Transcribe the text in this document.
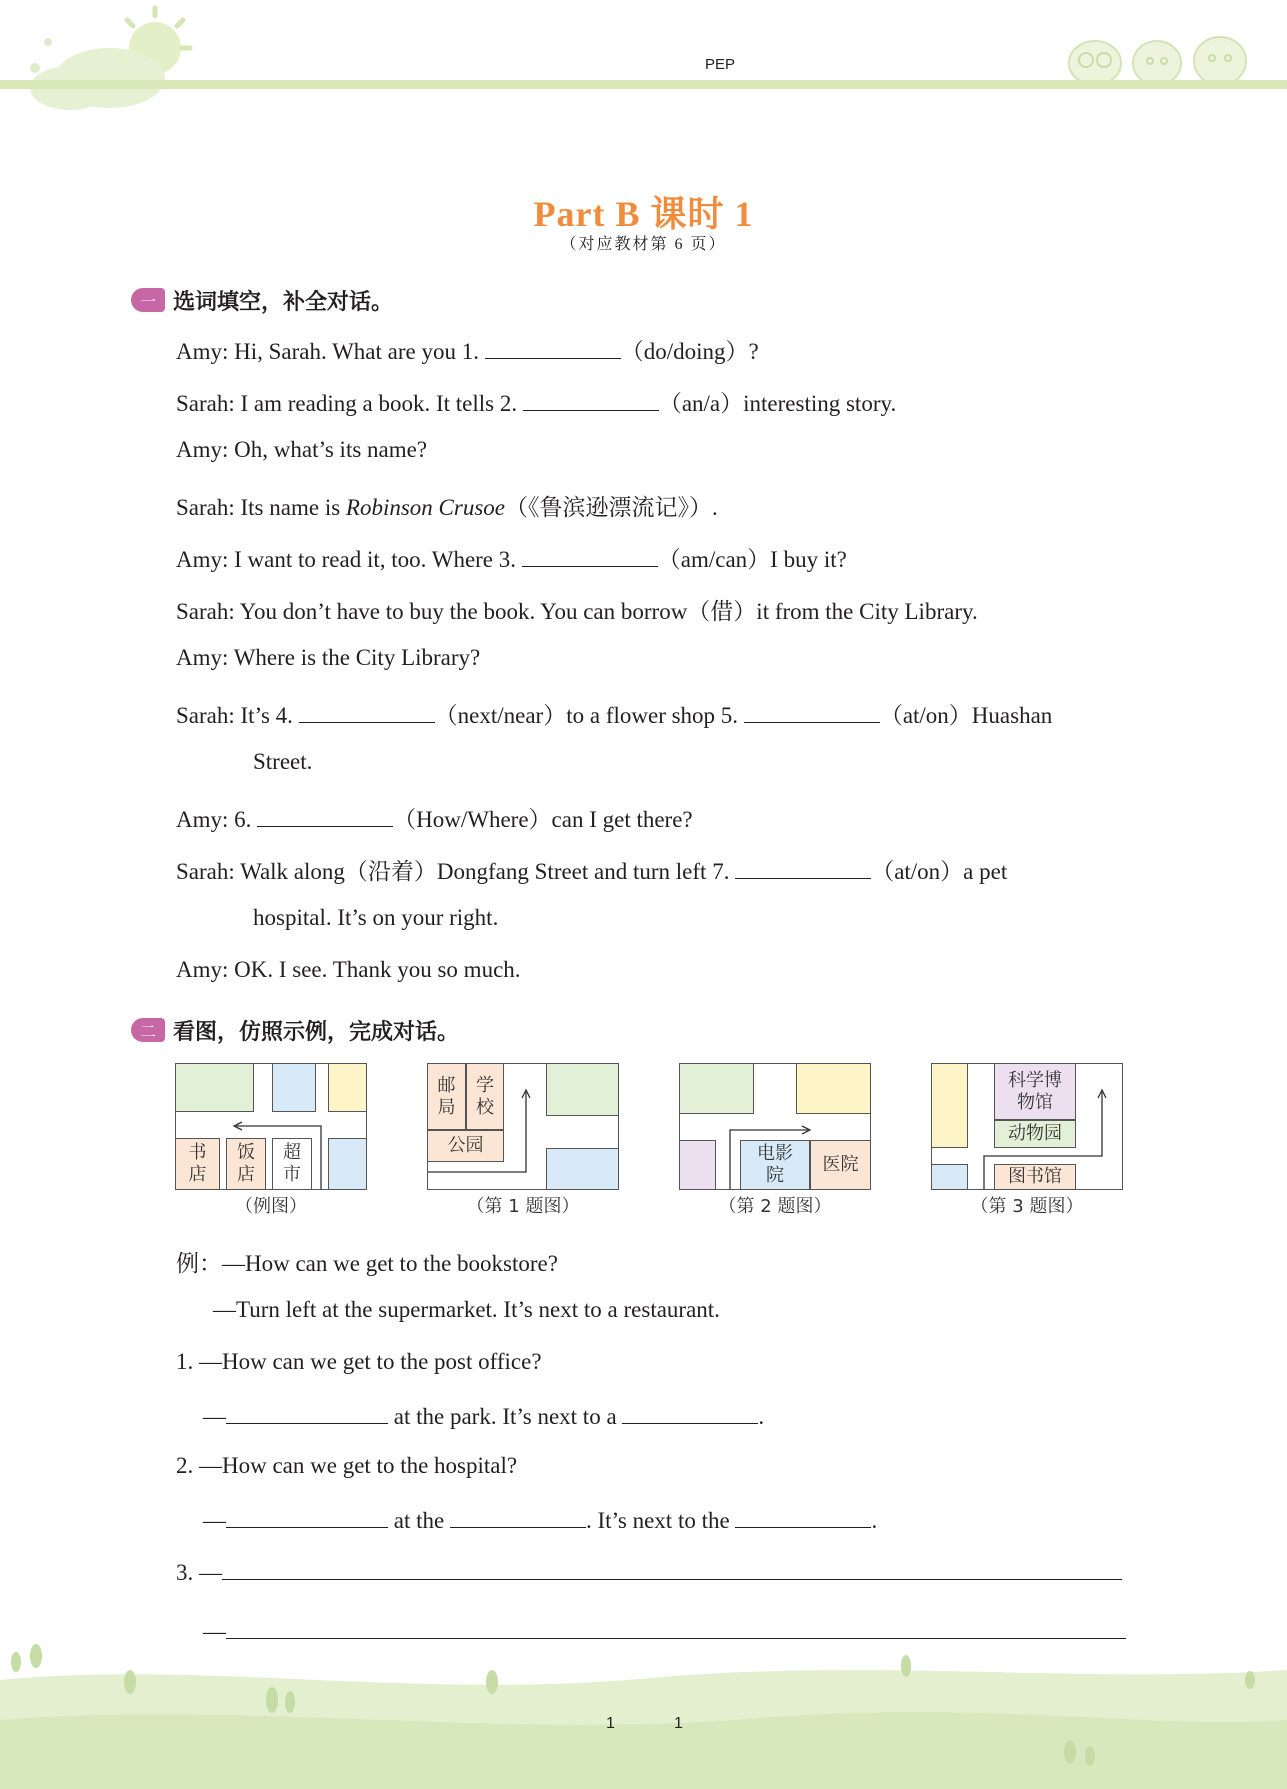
PEP
Part B 课时 1
（对应教材第 6 页）
一 选词填空，补全对话。
Amy: Hi, Sarah. What are you 1.	（do/doing）?
Sarah: I am reading a book. It tells 2.	（an/a）interesting story.
Amy: Oh, what’s its name?
Sarah: Its name is Robinson Crusoe（《鲁滨逊漂流记》）.
Amy: I want to read it, too. Where 3.	（am/can）I buy it?
Sarah: You don’t have to buy the book. You can borrow（借）it from the City Library.
Amy: Where is the City Library?
Sarah: It’s 4.	（next/near）to a flower shop 5.	（at/on）Huashan
Street.
Amy: 6.	（How/Where）can I get there?
Sarah: Walk along（沿着）Dongfang Street and turn left 7.	（at/on）a pet
hospital. It’s on your right.
Amy: OK. I see. Thank you so much.
二 看图，仿照示例，完成对话。
书店
饭店
超市
（例图）
邮局
学校
公园
（第 1 题图）
电影院
医院
（第 2 题图）
科学博物馆
动物园
图书馆
（第 3 题图）
例：—How can we get to the bookstore?
—Turn left at the supermarket. It’s next to a restaurant.
1. —How can we get to the post office?
—	at the park. It’s next to a	.
2. —How can we get to the hospital?
—	at the	. It’s next to the	.
3. —
—
1	1
